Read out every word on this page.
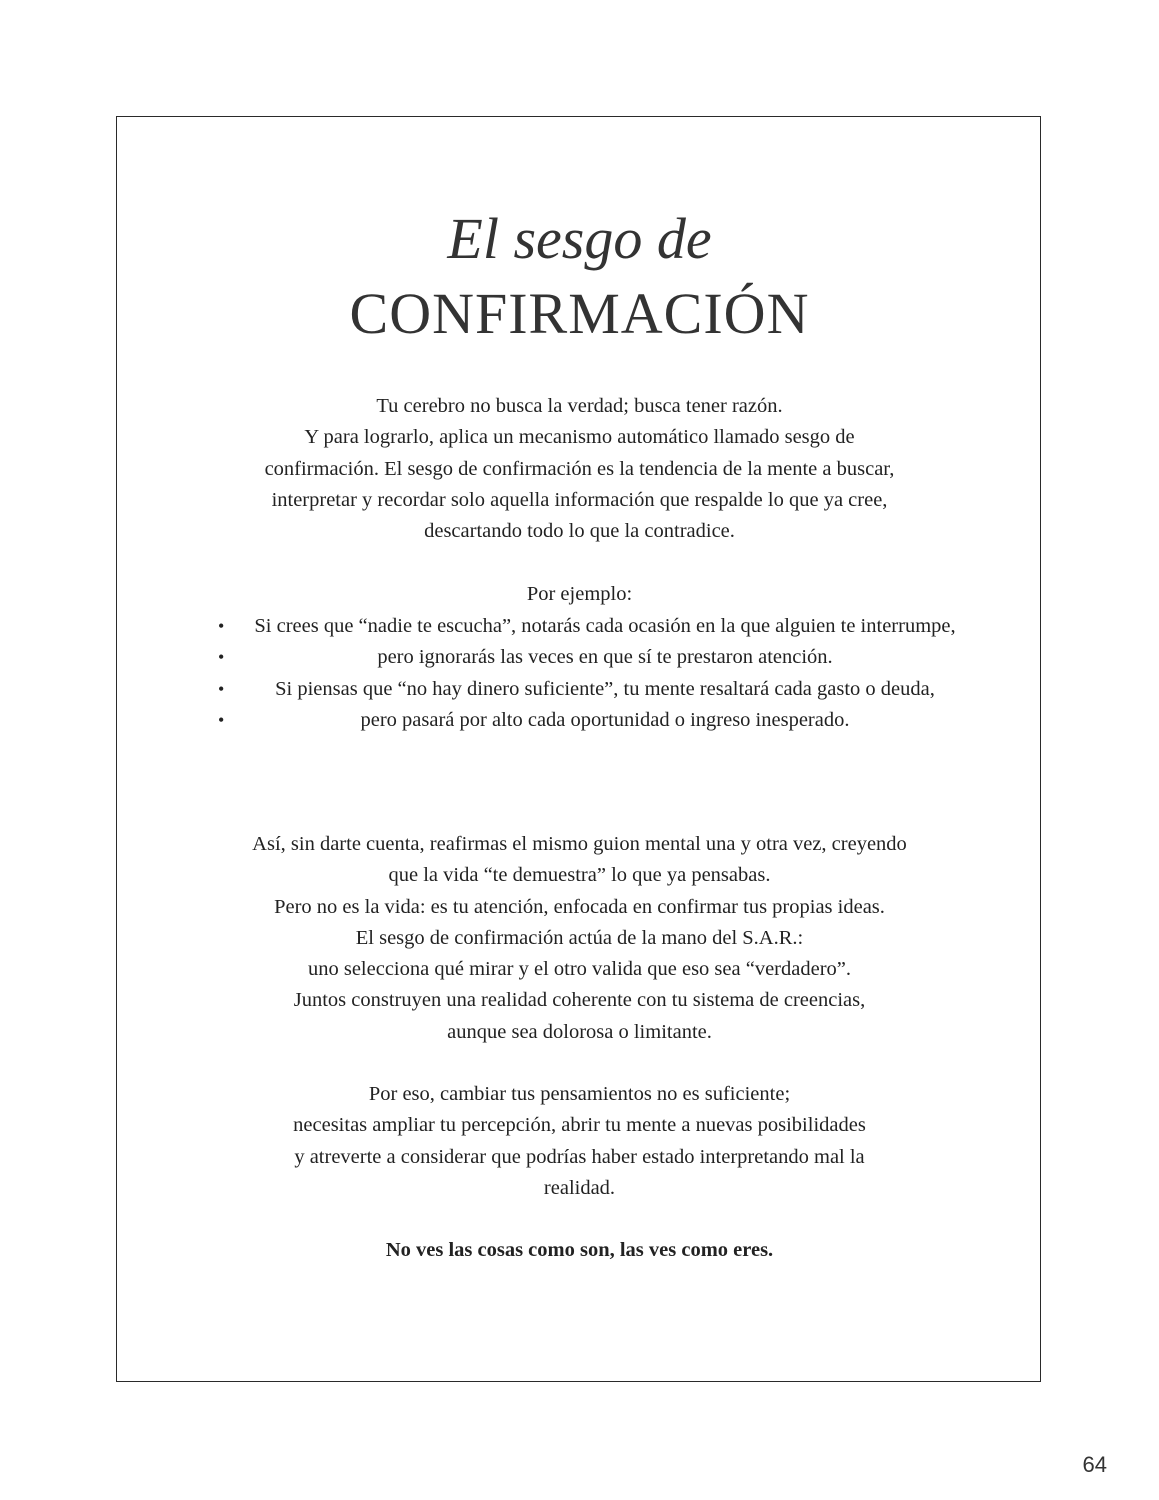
El sesgo de
CONFIRMACIÓN

Tu cerebro no busca la verdad; busca tener razón.

Y para lograrlo, aplica un mecanismo automático llamado sesgo de

confirmación. El sesgo de confirmación es la tendencia de la mente a buscar,

interpretar y recordar solo aquella información que respalde lo que ya cree,

descartando todo lo que la contradice.

Por ejemplo:
• Si crees que “nadie te escucha”, notarás cada ocasión en la que alguien te interrumpe,
•	pero ignorarás las veces en que sí te prestaron atención.
• Si piensas que “no hay dinero suficiente”, tu mente resaltará cada gasto o deuda,
•	pero pasará por alto cada oportunidad o ingreso inesperado.

Así, sin darte cuenta, reafirmas el mismo guion mental una y otra vez, creyendo

que la vida “te demuestra” lo que ya pensabas.

Pero no es la vida: es tu atención, enfocada en confirmar tus propias ideas.

El sesgo de confirmación actúa de la mano del S.A.R.:

uno selecciona qué mirar y el otro valida que eso sea “verdadero”.

Juntos construyen una realidad coherente con tu sistema de creencias,

aunque sea dolorosa o limitante.

Por eso, cambiar tus pensamientos no es suficiente;

necesitas ampliar tu percepción, abrir tu mente a nuevas posibilidades

y atreverte a considerar que podrías haber estado interpretando mal la

realidad.

No ves las cosas como son, las ves como eres.
64
